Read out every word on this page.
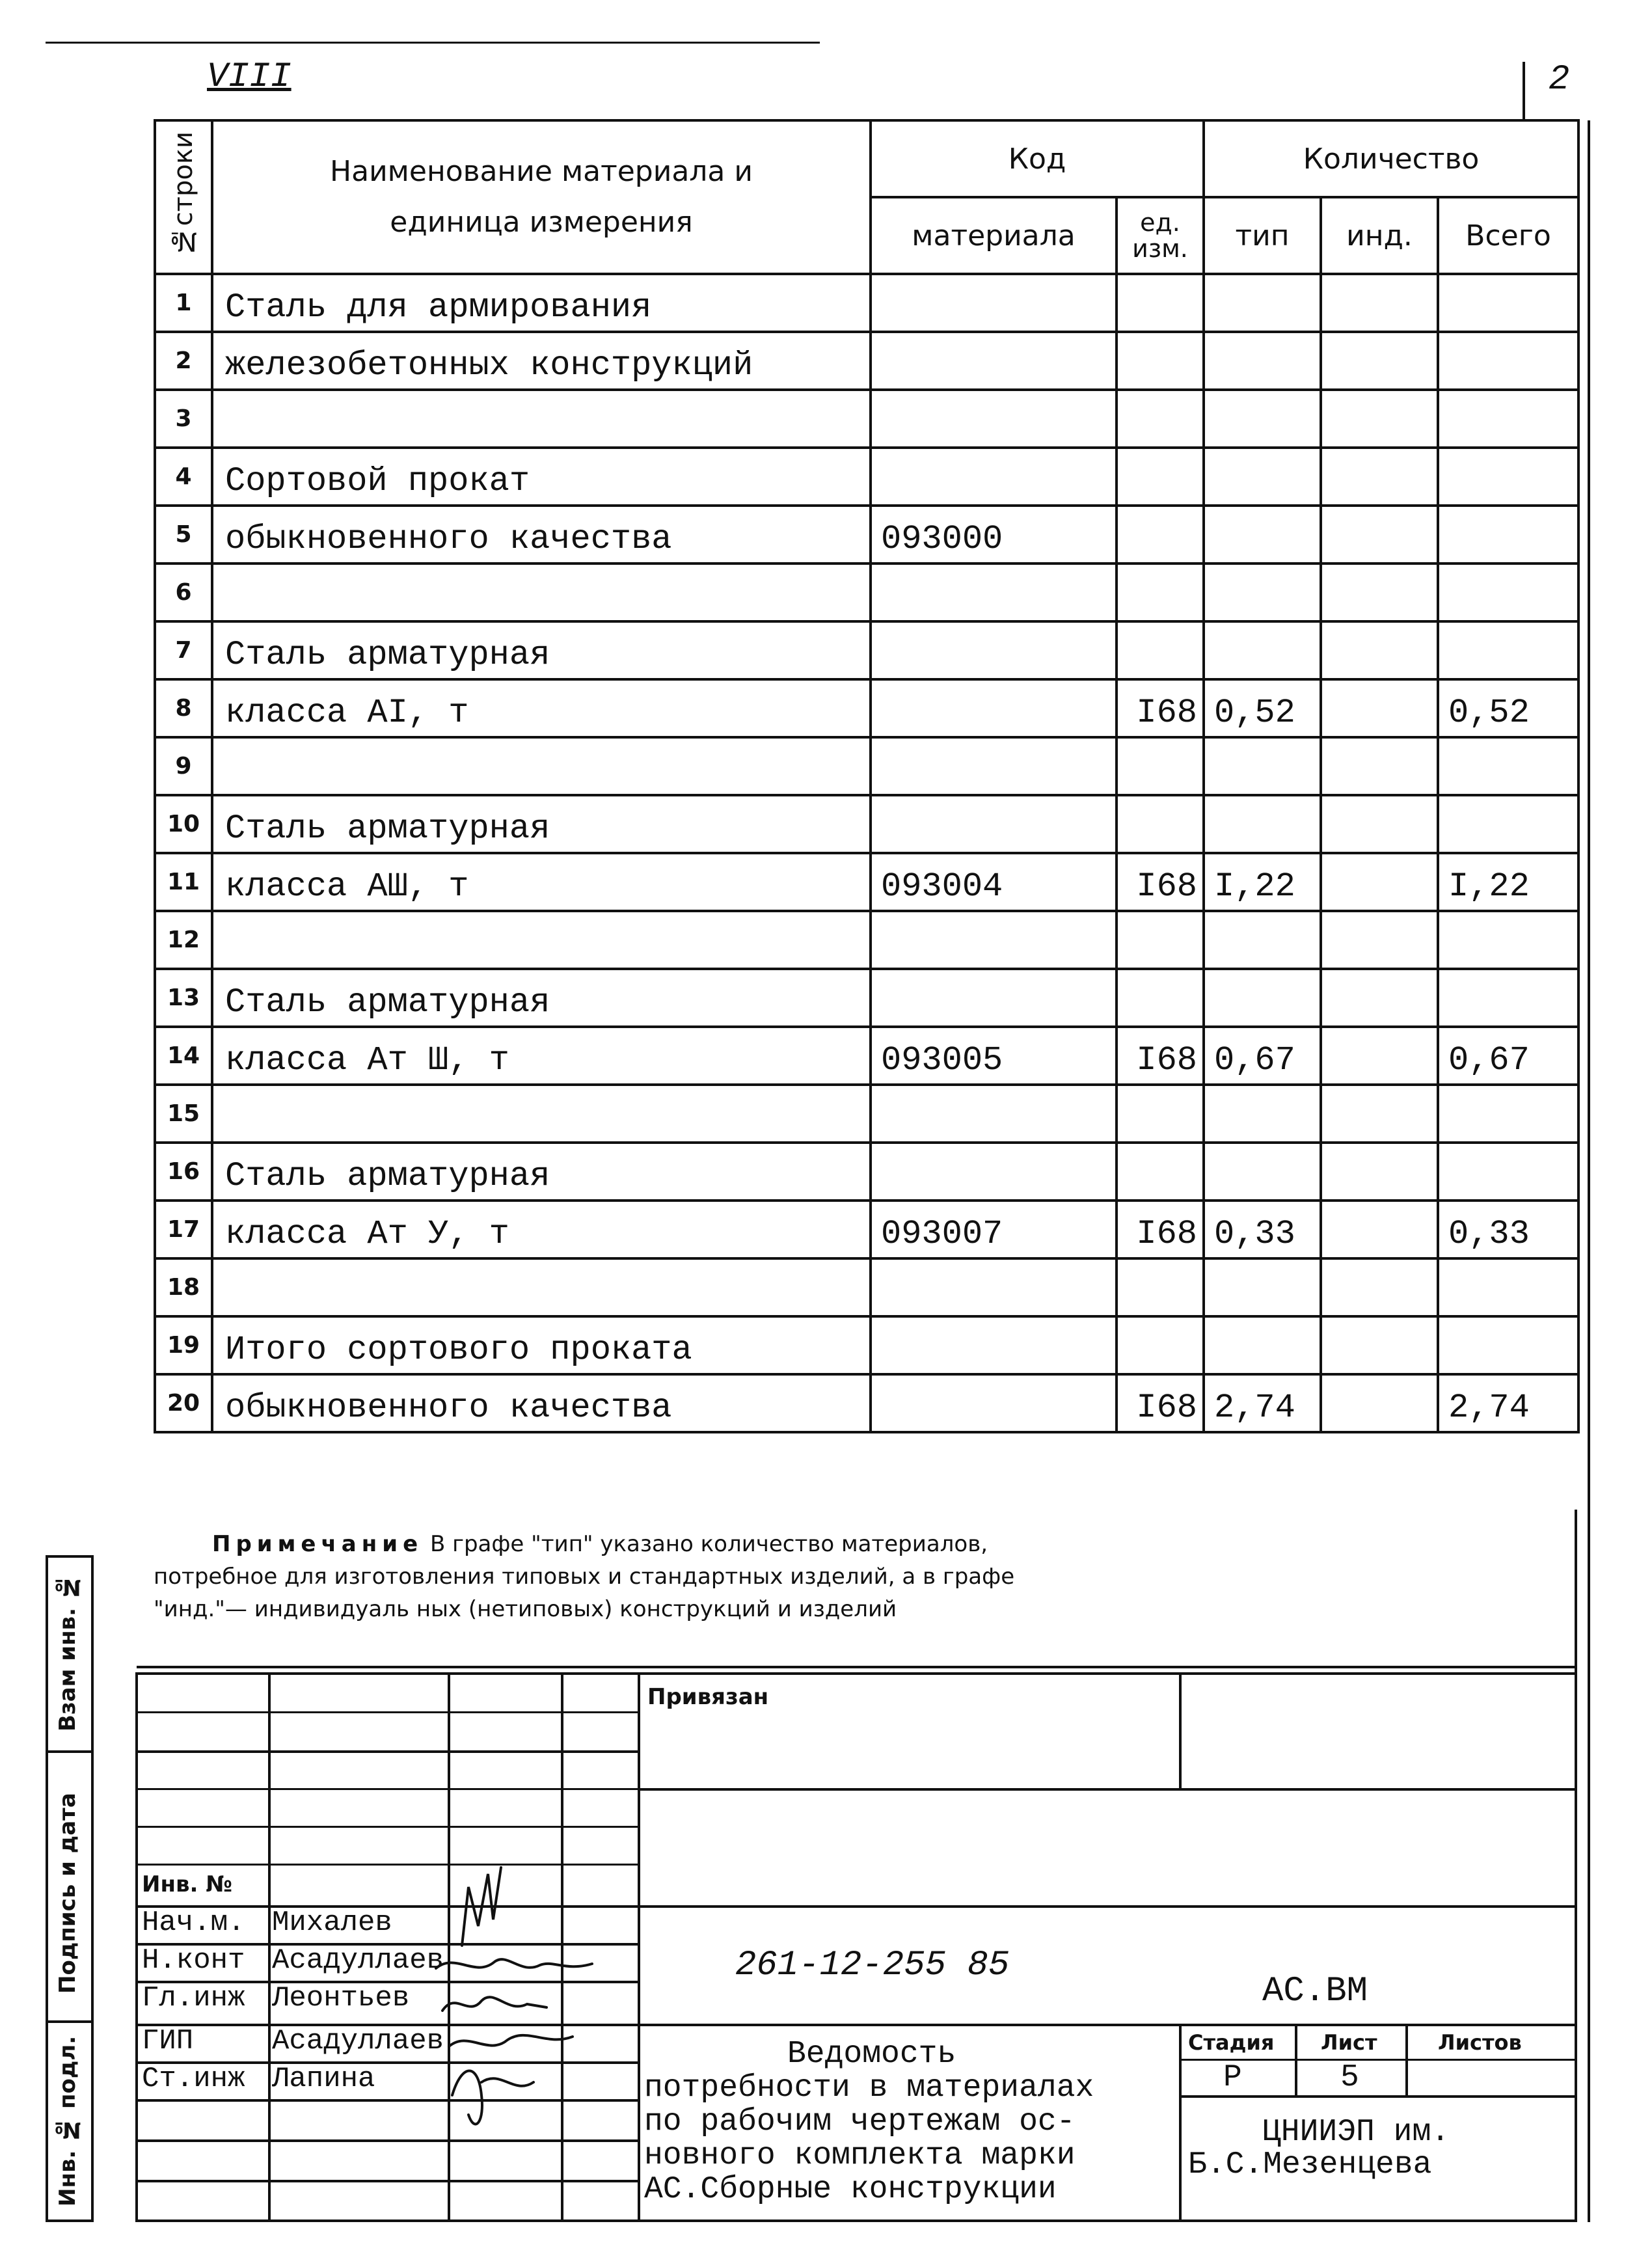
VIII	2
№строки	Наименование материала и единица измерения	Код		Количество		
		материала	ед. изм.	тип	инд.	Всего
1	Сталь для армирования					
2	железобетонных конструкций					
3						
4	Сортовой прокат					
5	обыкновенного качества	093000				
6						
7	Сталь арматурная					
8	класса AI, т		I68	0,52		0,52
9						
10	Сталь арматурная					
11	класса AШ, т	093004	I68	I,22		I,22
12						
13	Сталь арматурная					
14	класса Ат Ш, т	093005	I68	0,67		0,67
15						
16	Сталь арматурная					
17	класса Ат У, т	093007	I68	0,33		0,33
18						
19	Итого сортового проката					
20	обыкновенного качества		I68	2,74		2,74
Примечание В графе "тип" указано количество материалов, потребное для изготовления типовых и стандартных изделий, а в графе "инд."— индивидуаль ных (нетиповых) конструкций и изделий
Взам инв. №
Подпись и дата
Инв. № подл.
Привязан
Инв. №
Нач.м. Михалев
Н.конт Асадуллаев
Гл.инж Леонтьев
ГИП	Асадуллаев
Ст.инж Лапина
261-12-255 85
АС.ВМ
Стадия Лист	Листов
Р	5
Ведомость
потребности в материалах
по рабочим чертежам ос-
новного комплекта марки
АС.Сборные конструкции
ЦНИИЭП им.
Б.С.Мезенцева
